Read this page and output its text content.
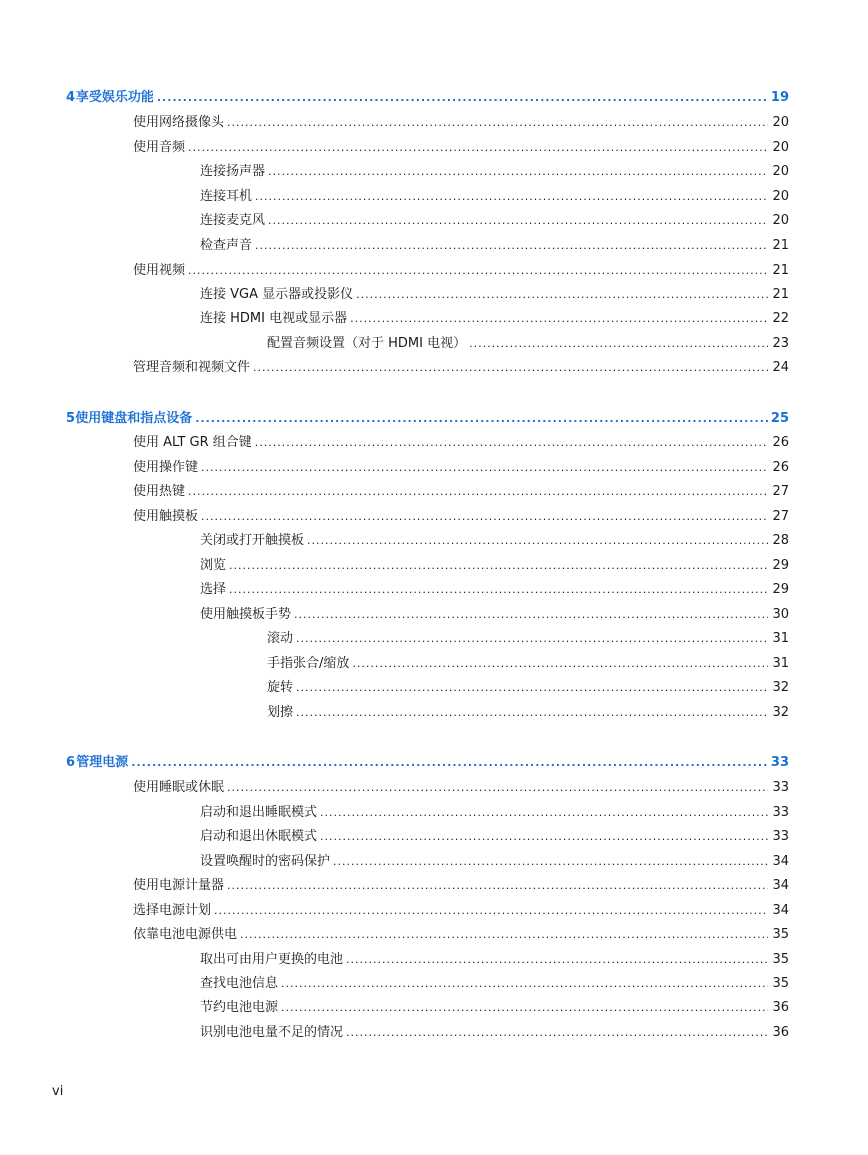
4 享受娱乐功能 .....	19
使用网络摄像头 .....	20
使用音频 .....	20
连接扬声器 .....	20
连接耳机 .....	20
连接麦克风 .....	20
检查声音 .....	21
使用视频 .....	21
连接 VGA 显示器或投影仪 .....	21
连接 HDMI 电视或显示器 .....	22
配置音频设置（对于 HDMI 电视） .....	23
管理音频和视频文件 .....	24
5 使用键盘和指点设备 .....	25
使用 ALT GR 组合键 .....	26
使用操作键 .....	26
使用热键 .....	27
使用触摸板 .....	27
关闭或打开触摸板 .....	28
浏览 .....	29
选择 .....	29
使用触摸板手势 .....	30
滚动 .....	31
手指张合/缩放 .....	31
旋转 .....	32
划擦 .....	32
6 管理电源 .....	33
使用睡眠或休眠 .....	33
启动和退出睡眠模式 .....	33
启动和退出休眠模式 .....	33
设置唤醒时的密码保护 .....	34
使用电源计量器 .....	34
选择电源计划 .....	34
依靠电池电源供电 .....	35
取出可由用户更换的电池 .....	35
查找电池信息 .....	35
节约电池电源 .....	36
识别电池电量不足的情况 .....	36
vi
